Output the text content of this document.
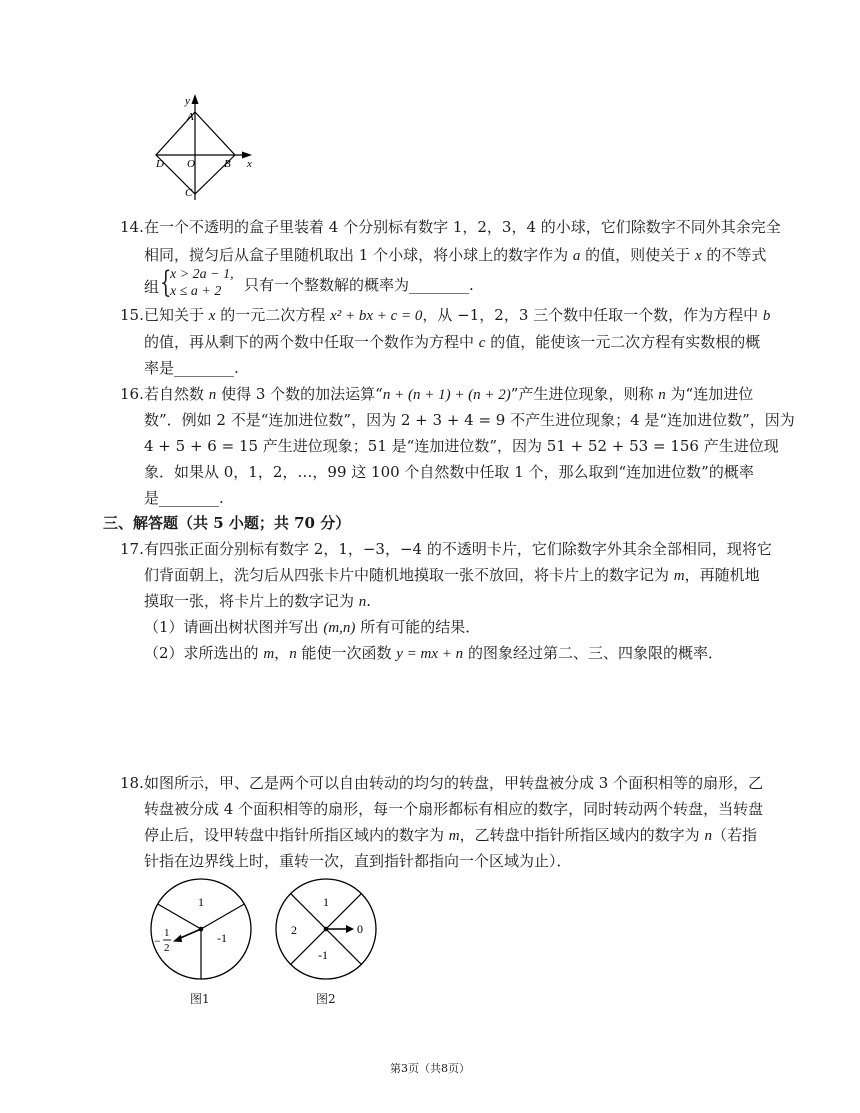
y
A
O	B x
D
C
14. 在一个不透明的盒子里装着 4 个分别标有数字 1，2，3，4 的小球，它们除数字不同外其余完全
相同，搅匀后从盒子里随机取出 1 个小球，将小球上的数字作为 a 的值，则使关于 x 的不等式
组 {
x > 2a − 1,
x ≤ a + 2 只有一个整数解的概率为________.
15. 已知关于 x 的一元二次方程 x² + bx + c = 0，从 −1，2，3 三个数中任取一个数，作为方程中 b
的值，再从剩下的两个数中任取一个数作为方程中 c 的值，能使该一元二次方程有实数根的概
率是________.
16. 若自然数 n 使得 3 个数的加法运算“n + (n + 1) + (n + 2)”产生进位现象，则称 n 为“连加进位
数”．例如 2 不是“连加进位数”，因为 2 + 3 + 4 = 9 不产生进位现象；4 是“连加进位数”，因为
4 + 5 + 6 = 15 产生进位现象；51 是“连加进位数”，因为 51 + 52 + 53 = 156 产生进位现
象．如果从 0，1，2，…，99 这 100 个自然数中任取 1 个，那么取到“连加进位数”的概率
是________.
三、解答题（共 5 小题；共 70 分）
17. 有四张正面分别标有数字 2，1，−3，−4 的不透明卡片，它们除数字外其余全部相同，现将它
们背面朝上，洗匀后从四张卡片中随机地摸取一张不放回，将卡片上的数字记为 m，再随机地
摸取一张，将卡片上的数字记为 n.
（1）请画出树状图并写出 (m,n) 所有可能的结果．
（2）求所选出的 m，n 能使一次函数 y = mx + n 的图象经过第二、三、四象限的概率．
18. 如图所示，甲、乙是两个可以自由转动的均匀的转盘，甲转盘被分成 3 个面积相等的扇形，乙
转盘被分成 4 个面积相等的扇形，每一个扇形都标有相应的数字，同时转动两个转盘，当转盘
停止后，设甲转盘中指针所指区域内的数字为 m，乙转盘中指针所指区域内的数字为 n（若指
针指在边界线上时，重转一次，直到指针都指向一个区域为止）．
1
-1
−
1
2
1
2	0
-1
图1	图2
第3页（共8页）
